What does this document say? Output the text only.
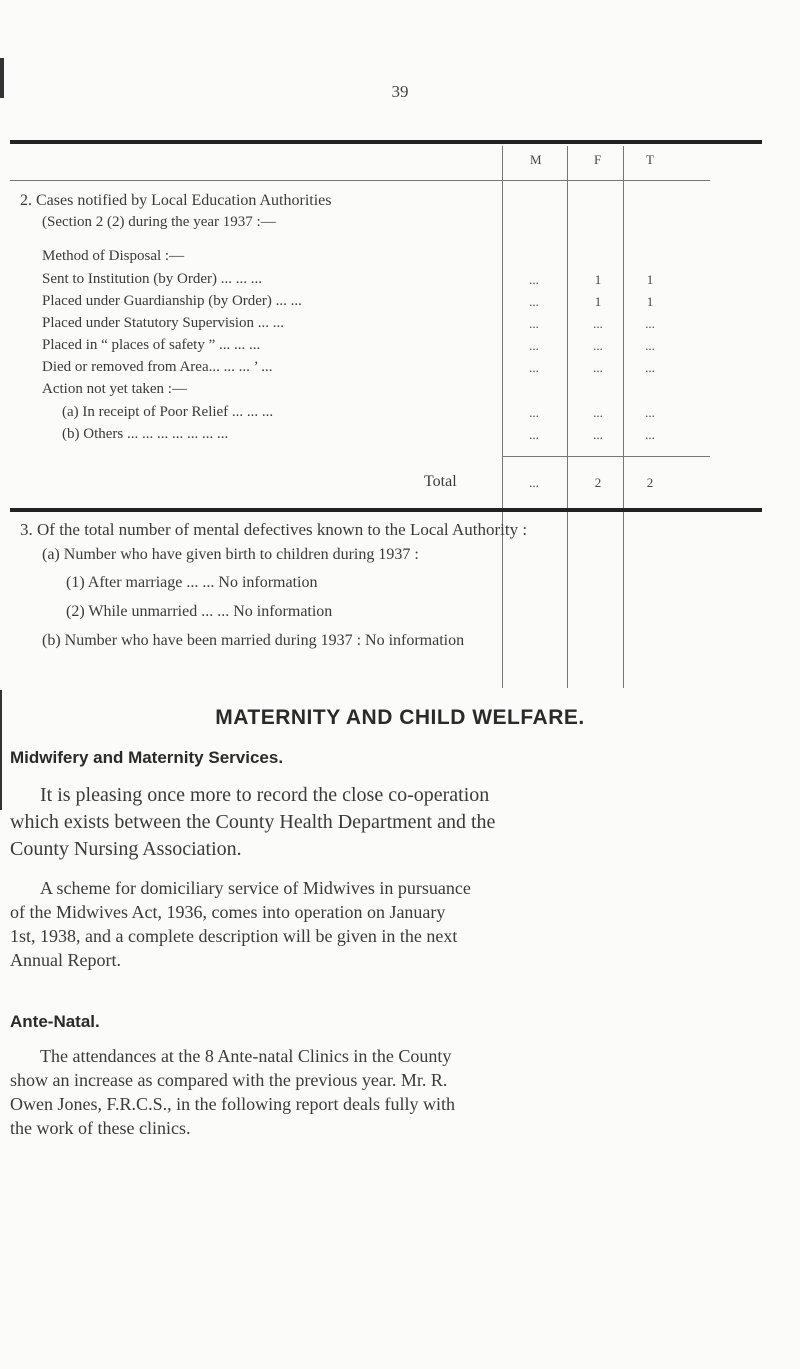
39
M	F	T
2. Cases notified by Local Education Authorities
(Section 2 (2) during the year 1937 :—
Method of Disposal :—
Sent to Institution (by Order) ... ... ...	...	1	1
Placed under Guardianship (by Order) ... ...	...	1	1
Placed under Statutory Supervision ... ...	...	...	...
Placed in “ places of safety ” ... ... ...	...	...	...
Died or removed from Area... ... ... ’ ...	...	...	...
Action not yet taken :—
(a) In receipt of Poor Relief ... ... ...	...	...	...
(b) Others ... ... ... ... ... ... ...	...	...	...
Total	...	2	2
3. Of the total number of mental defectives known to the Local Authority :
(a) Number who have given birth to children during 1937 :
(1) After marriage ... ... No information
(2) While unmarried ... ... No information
(b) Number who have been married during 1937 : No information
MATERNITY AND CHILD WELFARE.
Midwifery and Maternity Services.
It is pleasing once more to record the close co-operation
which exists between the County Health Department and the
County Nursing Association.
A scheme for domiciliary service of Midwives in pursuance
of the Midwives Act, 1936, comes into operation on January
1st, 1938, and a complete description will be given in the next
Annual Report.
Ante-Natal.
The attendances at the 8 Ante-natal Clinics in the County
show an increase as compared with the previous year. Mr. R.
Owen Jones, F.R.C.S., in the following report deals fully with
the work of these clinics.
